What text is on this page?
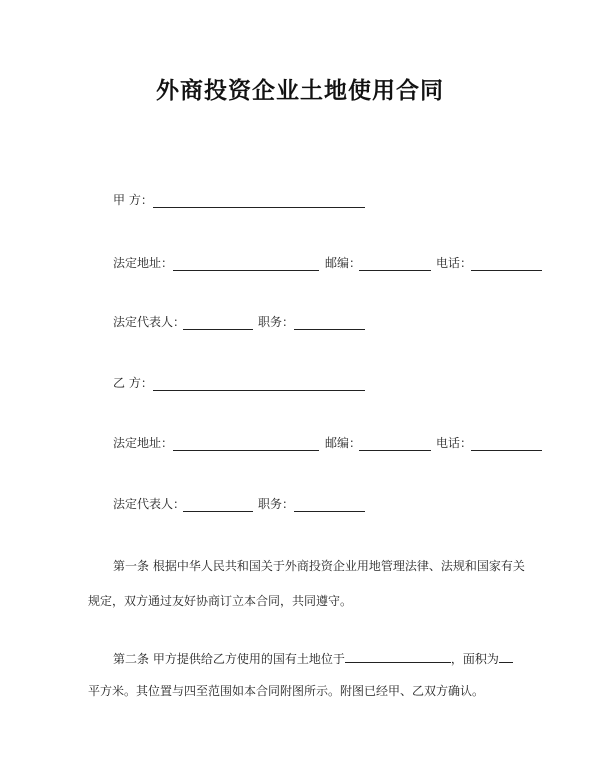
外商投资企业土地使用合同
甲 方：
法定地址：	邮编：	电话：
法定代表人：	职务：
乙 方：
法定地址：	邮编：	电话：
法定代表人：	职务：
第一条 根据中华人民共和国关于外商投资企业用地管理法律、法规和国家有关
规定，双方通过友好协商订立本合同，共同遵守。
第二条 甲方提供给乙方使用的国有土地位于	，面积为
平方米。其位置与四至范围如本合同附图所示。附图已经甲、乙双方确认。
